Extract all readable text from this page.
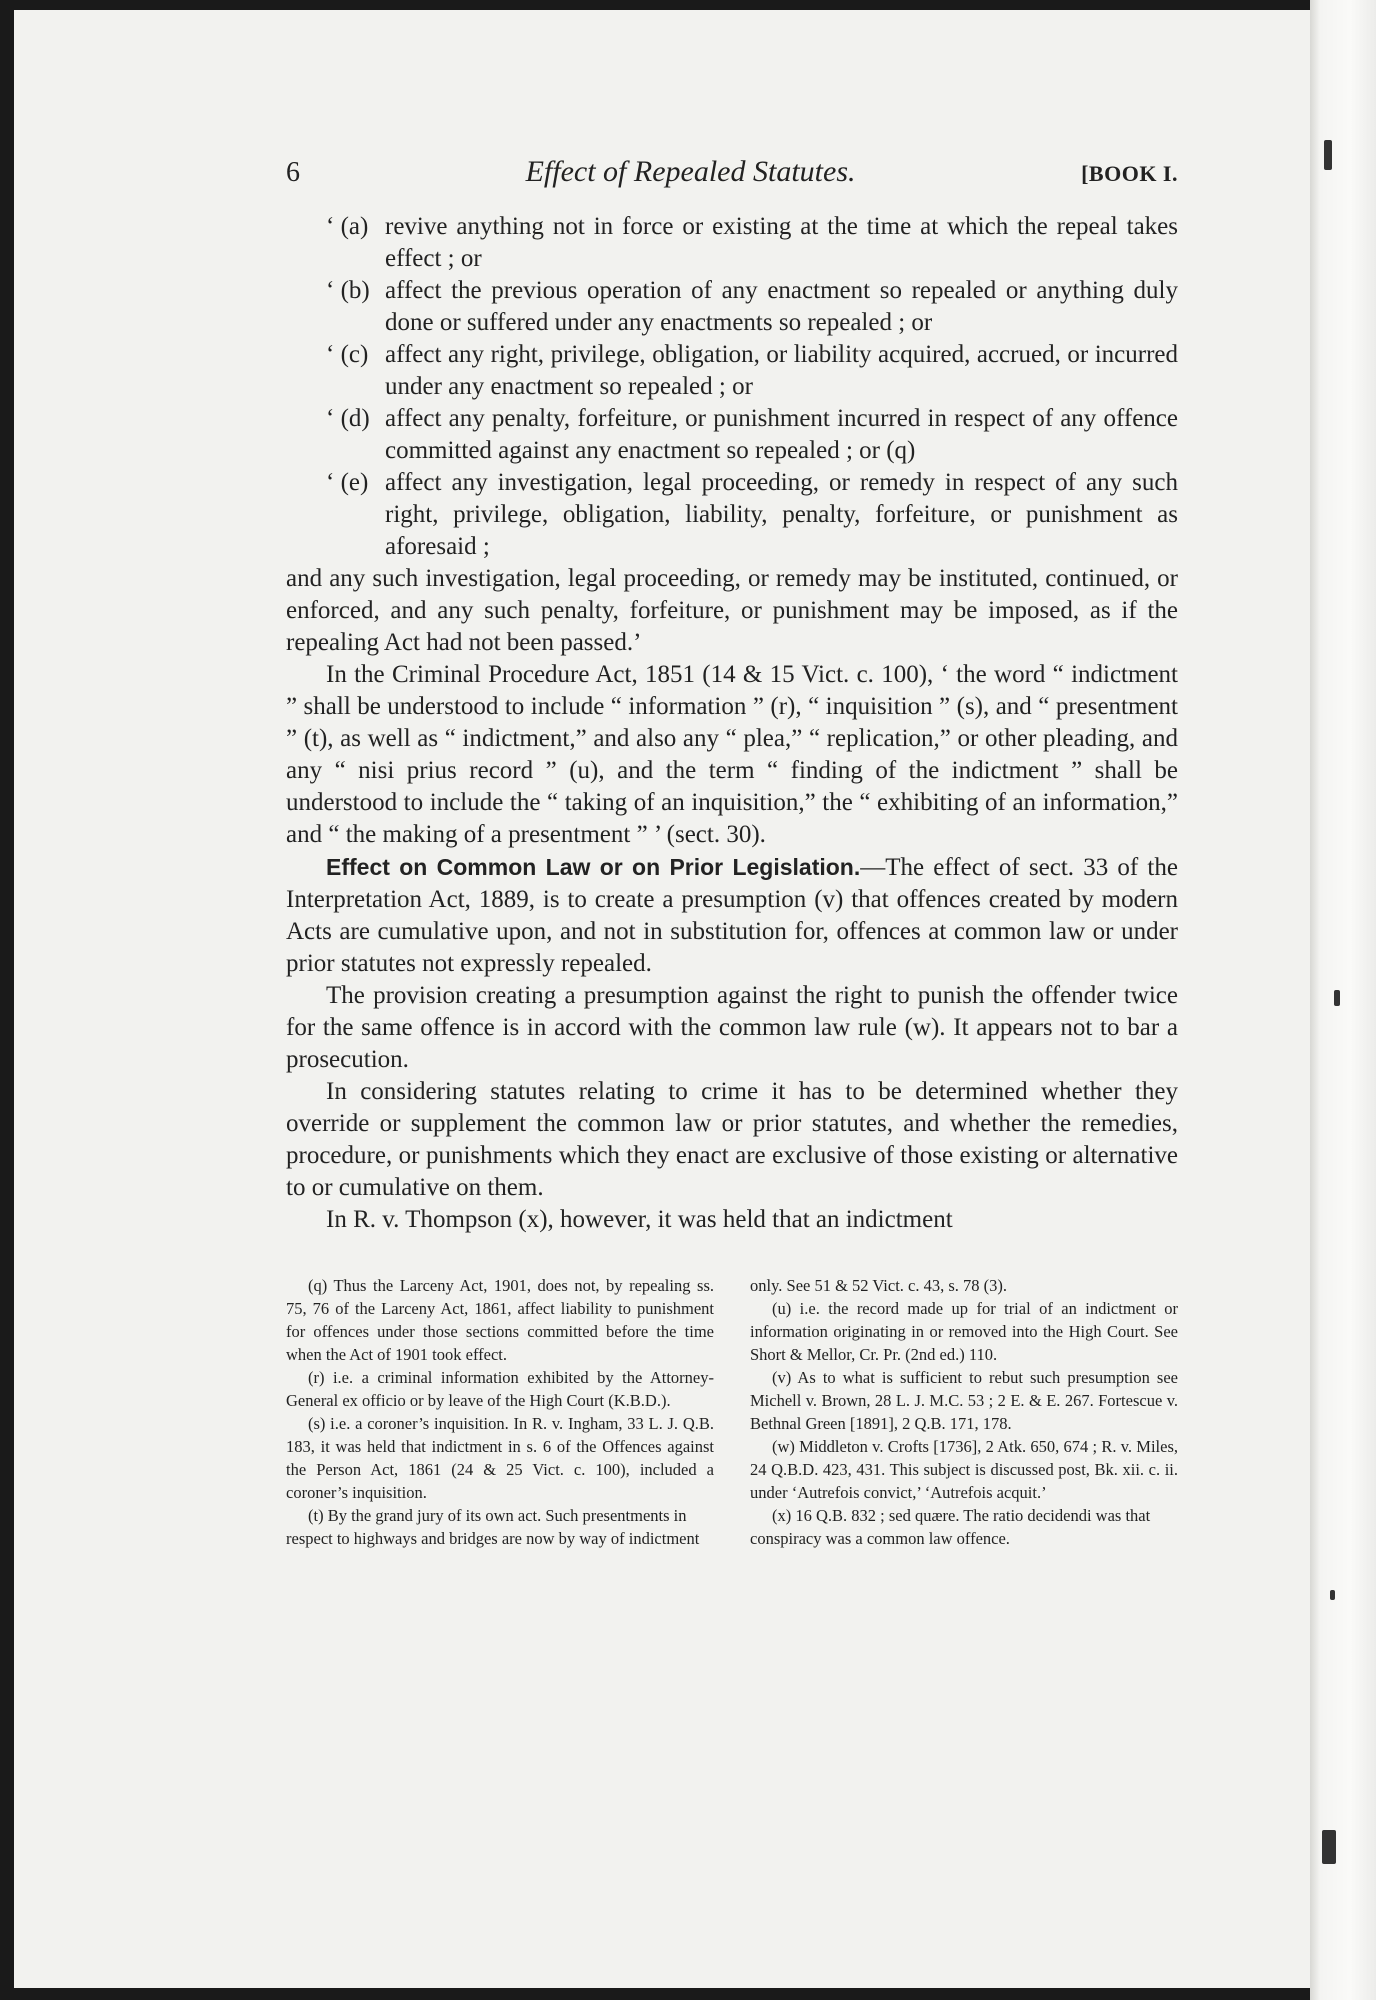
6	Effect of Repealed Statutes.	[BOOK I.
‘ (a) revive anything not in force or existing at the time at which the repeal takes effect ; or
‘ (b) affect the previous operation of any enactment so repealed or anything duly done or suffered under any enactments so repealed ; or
‘ (c) affect any right, privilege, obligation, or liability acquired, accrued, or incurred under any enactment so repealed ; or
‘ (d) affect any penalty, forfeiture, or punishment incurred in respect of any offence committed against any enactment so repealed ; or (q)
‘ (e) affect any investigation, legal proceeding, or remedy in respect of any such right, privilege, obligation, liability, penalty, forfeiture, or punishment as aforesaid ;

and any such investigation, legal proceeding, or remedy may be instituted, continued, or enforced, and any such penalty, forfeiture, or punishment may be imposed, as if the repealing Act had not been passed.’

In the Criminal Procedure Act, 1851 (14 & 15 Vict. c. 100), ‘ the word “ indictment ” shall be understood to include “ information ” (r), “ inquisition ” (s), and “ presentment ” (t), as well as “ indictment,” and also any “ plea,” “ replication,” or other pleading, and any “ nisi prius record ” (u), and the term “ finding of the indictment ” shall be understood to include the “ taking of an inquisition,” the “ exhibiting of an information,” and “ the making of a presentment ” ’ (sect. 30).

Effect on Common Law or on Prior Legislation.—The effect of sect. 33 of the Interpretation Act, 1889, is to create a presumption (v) that offences created by modern Acts are cumulative upon, and not in substitution for, offences at common law or under prior statutes not expressly repealed.

The provision creating a presumption against the right to punish the offender twice for the same offence is in accord with the common law rule (w). It appears not to bar a prosecution.

In considering statutes relating to crime it has to be determined whether they override or supplement the common law or prior statutes, and whether the remedies, procedure, or punishments which they enact are exclusive of those existing or alternative to or cumulative on them.

In R. v. Thompson (x), however, it was held that an indictment

(q) Thus the Larceny Act, 1901, does not, by repealing ss. 75, 76 of the Larceny Act, 1861, affect liability to punishment for offences under those sections committed before the time when the Act of 1901 took effect.

(r) i.e. a criminal information exhibited by the Attorney-General ex officio or by leave of the High Court (K.B.D.).

(s) i.e. a coroner’s inquisition. In R. v. Ingham, 33 L. J. Q.B. 183, it was held that indictment in s. 6 of the Offences against the Person Act, 1861 (24 & 25 Vict. c. 100), included a coroner’s inquisition.

(t) By the grand jury of its own act. Such presentments in respect to highways and bridges are now by way of indictment

only. See 51 & 52 Vict. c. 43, s. 78 (3).

(u) i.e. the record made up for trial of an indictment or information originating in or removed into the High Court. See Short & Mellor, Cr. Pr. (2nd ed.) 110.

(v) As to what is sufficient to rebut such presumption see Michell v. Brown, 28 L. J. M.C. 53 ; 2 E. & E. 267. Fortescue v. Bethnal Green [1891], 2 Q.B. 171, 178.

(w) Middleton v. Crofts [1736], 2 Atk. 650, 674 ; R. v. Miles, 24 Q.B.D. 423, 431. This subject is discussed post, Bk. xii. c. ii. under ‘Autrefois convict,’ ‘Autrefois acquit.’

(x) 16 Q.B. 832 ; sed quære. The ratio decidendi was that conspiracy was a common law offence.
